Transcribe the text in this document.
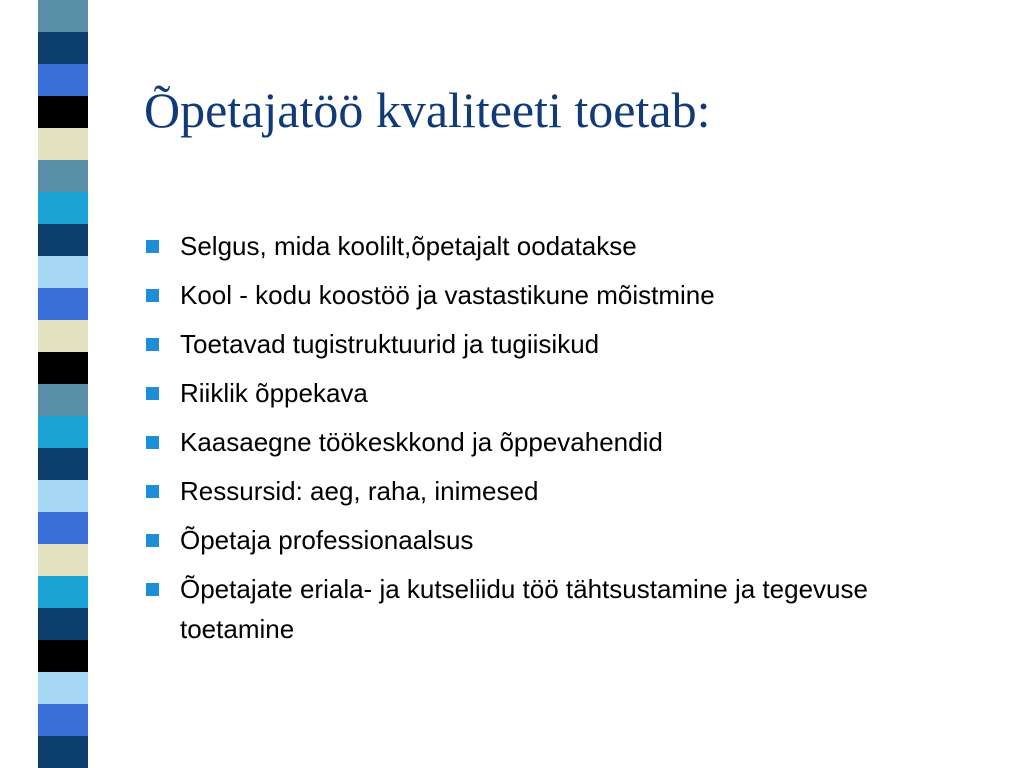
Õpetajatöö kvaliteeti toetab:
Selgus, mida koolilt,õpetajalt oodatakse
Kool - kodu koostöö ja vastastikune mõistmine
Toetavad tugistruktuurid ja tugiisikud
Riiklik õppekava
Kaasaegne töökeskkond ja õppevahendid
Ressursid: aeg, raha, inimesed
Õpetaja professionaalsus
Õpetajate eriala- ja kutseliidu töö tähtsustamine ja tegevuse toetamine
